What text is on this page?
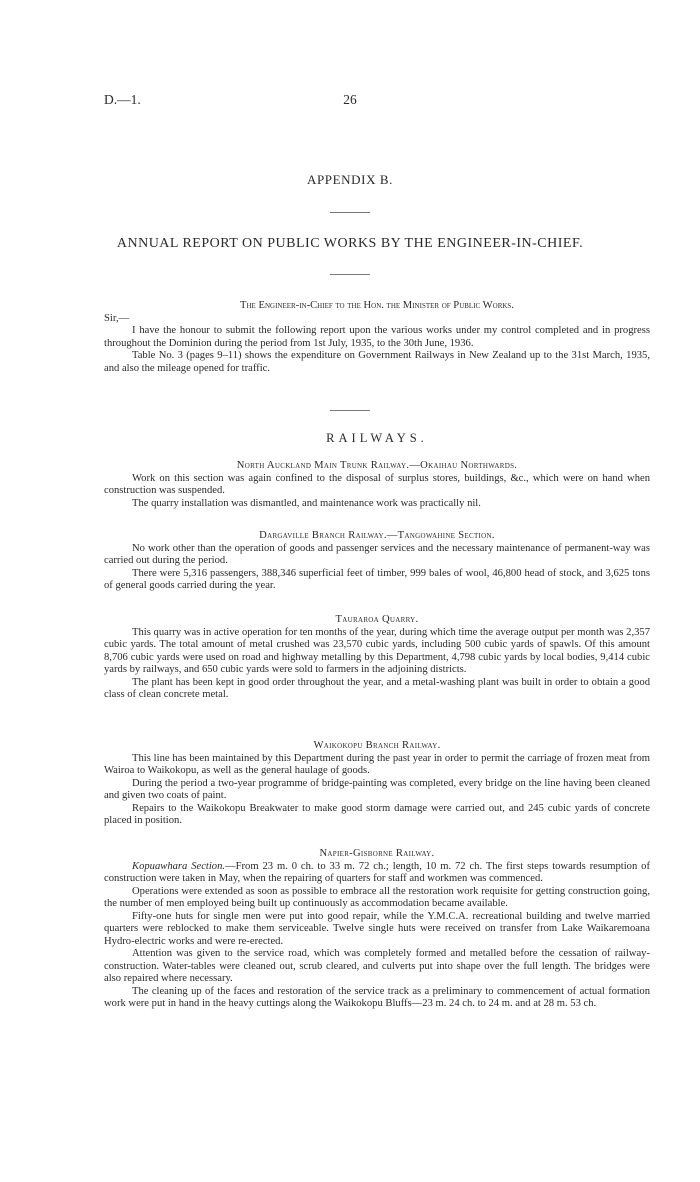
D.—1.	26
APPENDIX B.
ANNUAL REPORT ON PUBLIC WORKS BY THE ENGINEER-IN-CHIEF.
The Engineer-in-Chief to the Hon. the Minister of Public Works.

Sir,—

I have the honour to submit the following report upon the various works under my control completed and in progress throughout the Dominion during the period from 1st July, 1935, to the 30th June, 1936.

Table No. 3 (pages 9–11) shows the expenditure on Government Railways in New Zealand up to the 31st March, 1935, and also the mileage opened for traffic.

RAILWAYS.
North Auckland Main Trunk Railway.—Okaihau Northwards.

Work on this section was again confined to the disposal of surplus stores, buildings, &c., which were on hand when construction was suspended.

The quarry installation was dismantled, and maintenance work was practically nil.

Dargaville Branch Railway.—Tangowahine Section.

No work other than the operation of goods and passenger services and the necessary maintenance of permanent-way was carried out during the period.

There were 5,316 passengers, 388,346 superficial feet of timber, 999 bales of wool, 46,800 head of stock, and 3,625 tons of general goods carried during the year.

Tauraroa Quarry.

This quarry was in active operation for ten months of the year, during which time the average output per month was 2,357 cubic yards. The total amount of metal crushed was 23,570 cubic yards, including 500 cubic yards of spawls. Of this amount 8,706 cubic yards were used on road and highway metalling by this Department, 4,798 cubic yards by local bodies, 9,414 cubic yards by railways, and 650 cubic yards were sold to farmers in the adjoining districts.

The plant has been kept in good order throughout the year, and a metal-washing plant was built in order to obtain a good class of clean concrete metal.

Waikokopu Branch Railway.

This line has been maintained by this Department during the past year in order to permit the carriage of frozen meat from Wairoa to Waikokopu, as well as the general haulage of goods.

During the period a two-year programme of bridge-painting was completed, every bridge on the line having been cleaned and given two coats of paint.

Repairs to the Waikokopu Breakwater to make good storm damage were carried out, and 245 cubic yards of concrete placed in position.

Napier-Gisborne Railway.

Kopuawhara Section.—From 23 m. 0 ch. to 33 m. 72 ch.; length, 10 m. 72 ch. The first steps towards resumption of construction were taken in May, when the repairing of quarters for staff and workmen was commenced.

Operations were extended as soon as possible to embrace all the restoration work requisite for getting construction going, the number of men employed being built up continuously as accommodation became available.

Fifty-one huts for single men were put into good repair, while the Y.M.C.A. recreational building and twelve married quarters were reblocked to make them serviceable. Twelve single huts were received on transfer from Lake Waikaremoana Hydro-electric works and were re-erected.

Attention was given to the service road, which was completely formed and metalled before the cessation of railway-construction. Water-tables were cleaned out, scrub cleared, and culverts put into shape over the full length. The bridges were also repaired where necessary.

The cleaning up of the faces and restoration of the service track as a preliminary to commencement of actual formation work were put in hand in the heavy cuttings along the Waikokopu Bluffs—23 m. 24 ch. to 24 m. and at 28 m. 53 ch.
